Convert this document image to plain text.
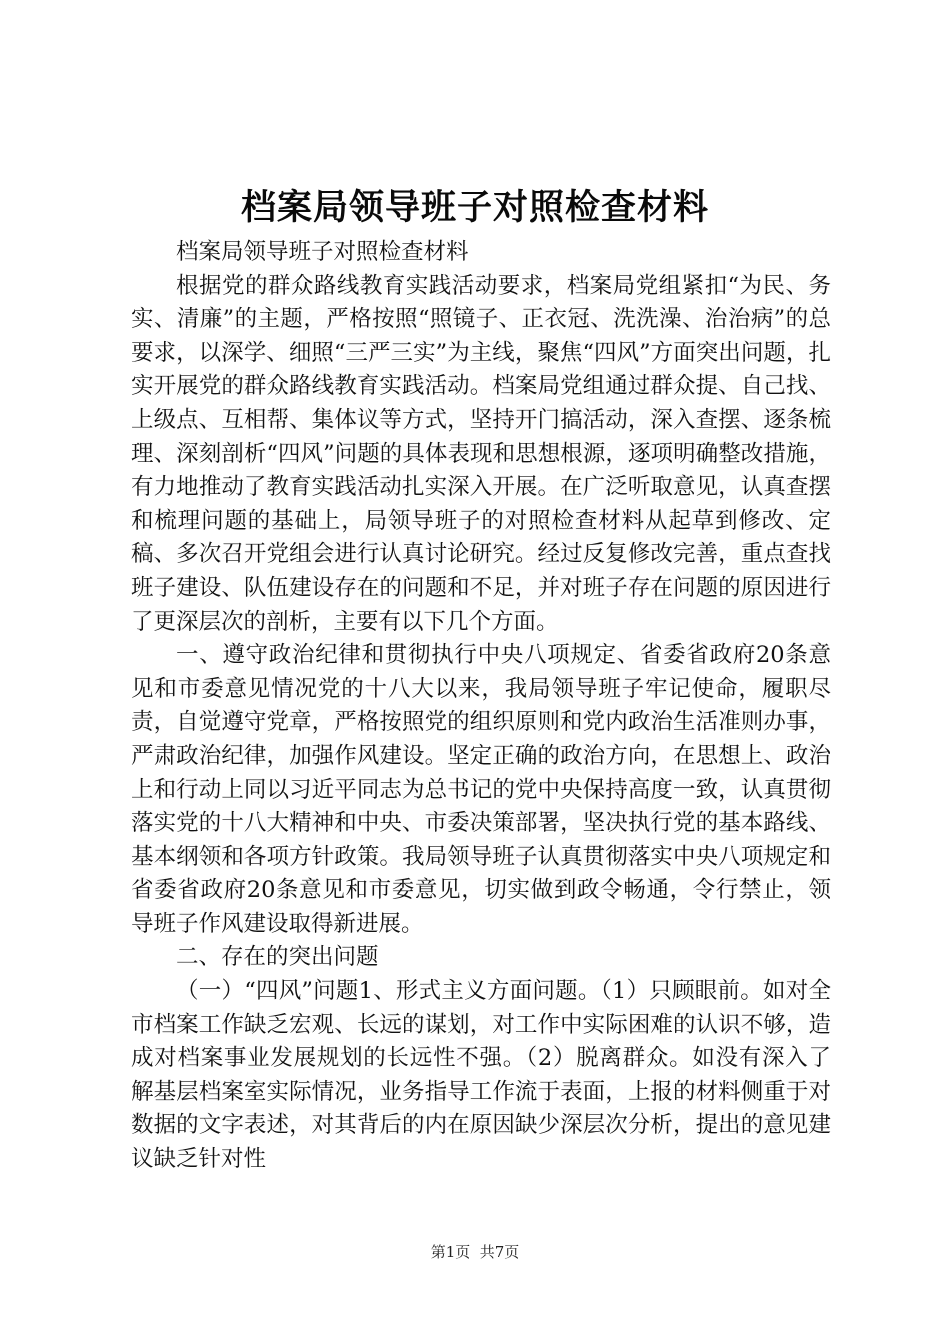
档案局领导班子对照检查材料

档案局领导班子对照检查材料

根据党的群众路线教育实践活动要求，档案局党组紧扣“为民、务实、清廉”的主题，严格按照“照镜子、正衣冠、洗洗澡、治治病”的总要求，以深学、细照“三严三实”为主线，聚焦“四风”方面突出问题，扎实开展党的群众路线教育实践活动。档案局党组通过群众提、自己找、上级点、互相帮、集体议等方式，坚持开门搞活动，深入查摆、逐条梳理、深刻剖析“四风”问题的具体表现和思想根源，逐项明确整改措施，有力地推动了教育实践活动扎实深入开展。在广泛听取意见，认真查摆和梳理问题的基础上，局领导班子的对照检查材料从起草到修改、定稿、多次召开党组会进行认真讨论研究。经过反复修改完善，重点查找班子建设、队伍建设存在的问题和不足，并对班子存在问题的原因进行了更深层次的剖析，主要有以下几个方面。

一、遵守政治纪律和贯彻执行中央八项规定、省委省政府20条意见和市委意见情况党的十八大以来，我局领导班子牢记使命，履职尽责，自觉遵守党章，严格按照党的组织原则和党内政治生活准则办事，严肃政治纪律，加强作风建设。坚定正确的政治方向，在思想上、政治上和行动上同以习近平同志为总书记的党中央保持高度一致，认真贯彻落实党的十八大精神和中央、市委决策部署，坚决执行党的基本路线、基本纲领和各项方针政策。我局领导班子认真贯彻落实中央八项规定和省委省政府20条意见和市委意见，切实做到政令畅通，令行禁止，领导班子作风建设取得新进展。

二、存在的突出问题

（一）“四风”问题1、形式主义方面问题。（1）只顾眼前。如对全市档案工作缺乏宏观、长远的谋划，对工作中实际困难的认识不够，造成对档案事业发展规划的长远性不强。（2）脱离群众。如没有深入了解基层档案室实际情况，业务指导工作流于表面，上报的材料侧重于对数据的文字表述，对其背后的内在原因缺少深层次分析，提出的意见建议缺乏针对性

第1页  共7页
